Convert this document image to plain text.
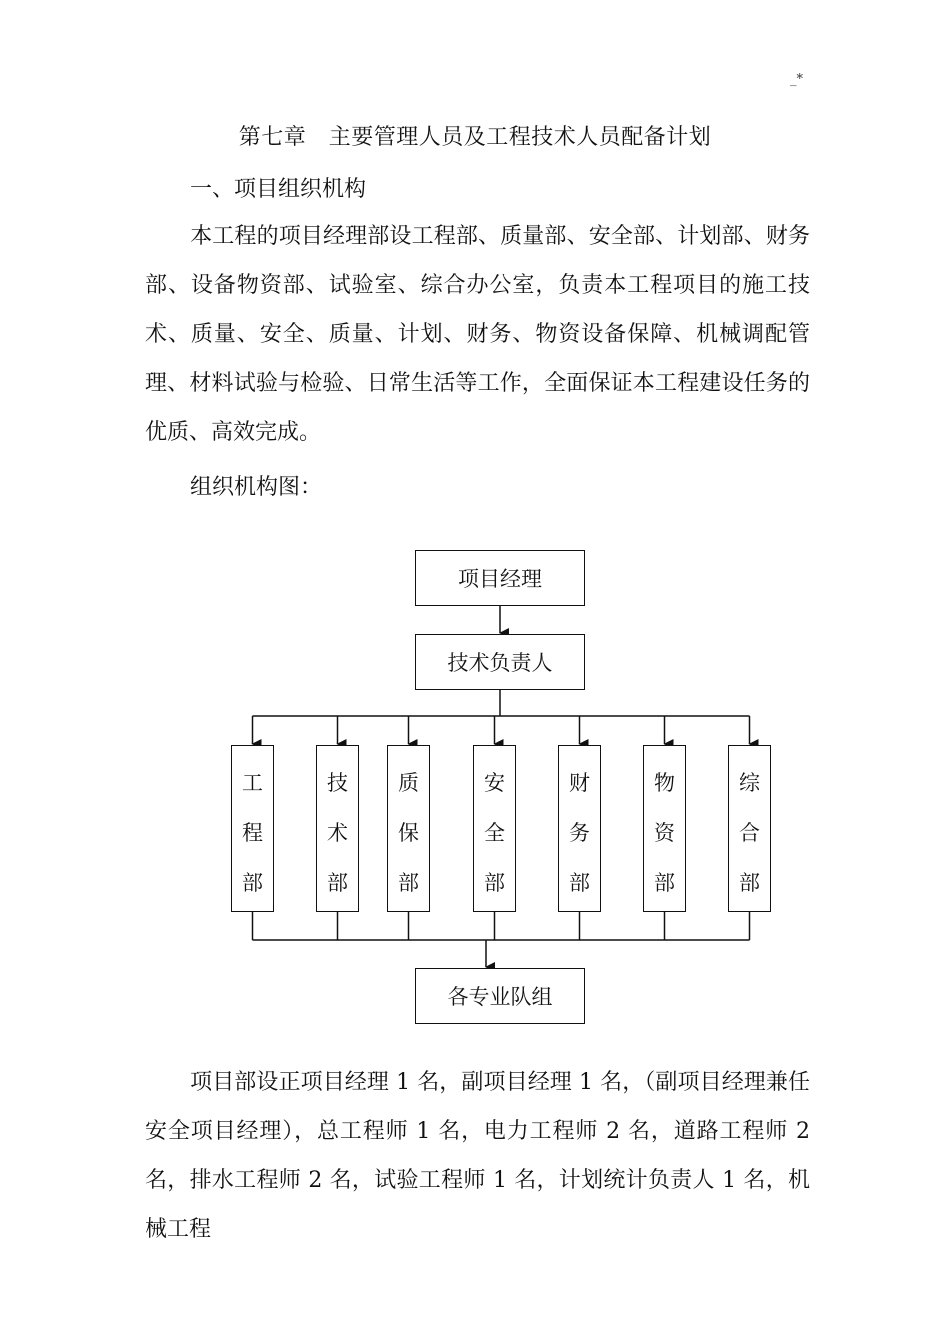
_*
第七章　主要管理人员及工程技术人员配备计划
一、项目组织机构
本工程的项目经理部设工程部、质量部、安全部、计划部、财务部、设备物资部、试验室、综合办公室，负责本工程项目的施工技术、质量、安全、质量、计划、财务、物资设备保障、机械调配管理、材料试验与检验、日常生活等工作，全面保证本工程建设任务的优质、高效完成。
组织机构图：
项目经理
技术负责人
工
程
部
技
术
部
质
保
部
安
全
部
财
务
部
物
资
部
综
合
部
各专业队组
项目部设正项目经理 1 名，副项目经理 1 名，（副项目经理兼任安全项目经理），总工程师 1 名，电力工程师 2 名，道路工程师 2 名，排水工程师 2 名，试验工程师 1 名，计划统计负责人 1 名，机械工程
